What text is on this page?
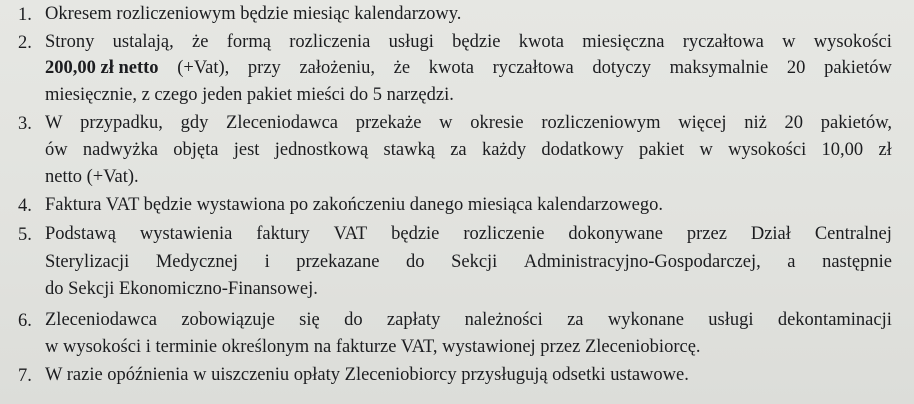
1. Okresem rozliczeniowym będzie miesiąc kalendarzowy.
2. Strony ustalają, że formą rozliczenia usługi będzie kwota miesięczna ryczałtowa w wysokości
200,00 zł netto (+Vat), przy założeniu, że kwota ryczałtowa dotyczy maksymalnie 20 pakietów
miesięcznie, z czego jeden pakiet mieści do 5 narzędzi.
3. W przypadku, gdy Zleceniodawca przekaże w okresie rozliczeniowym więcej niż 20 pakietów,
ów nadwyżka objęta jest jednostkową stawką za każdy dodatkowy pakiet w wysokości 10,00 zł
netto (+Vat).
4. Faktura VAT będzie wystawiona po zakończeniu danego miesiąca kalendarzowego.
5. Podstawą wystawienia faktury VAT będzie rozliczenie dokonywane przez Dział Centralnej
Sterylizacji Medycznej i przekazane do Sekcji Administracyjno-Gospodarczej, a następnie
do Sekcji Ekonomiczno-Finansowej.
6. Zleceniodawca zobowiązuje się do zapłaty należności za wykonane usługi dekontaminacji
w wysokości i terminie określonym na fakturze VAT, wystawionej przez Zleceniobiorcę.
7. W razie opóźnienia w uiszczeniu opłaty Zleceniobiorcy przysługują odsetki ustawowe.
